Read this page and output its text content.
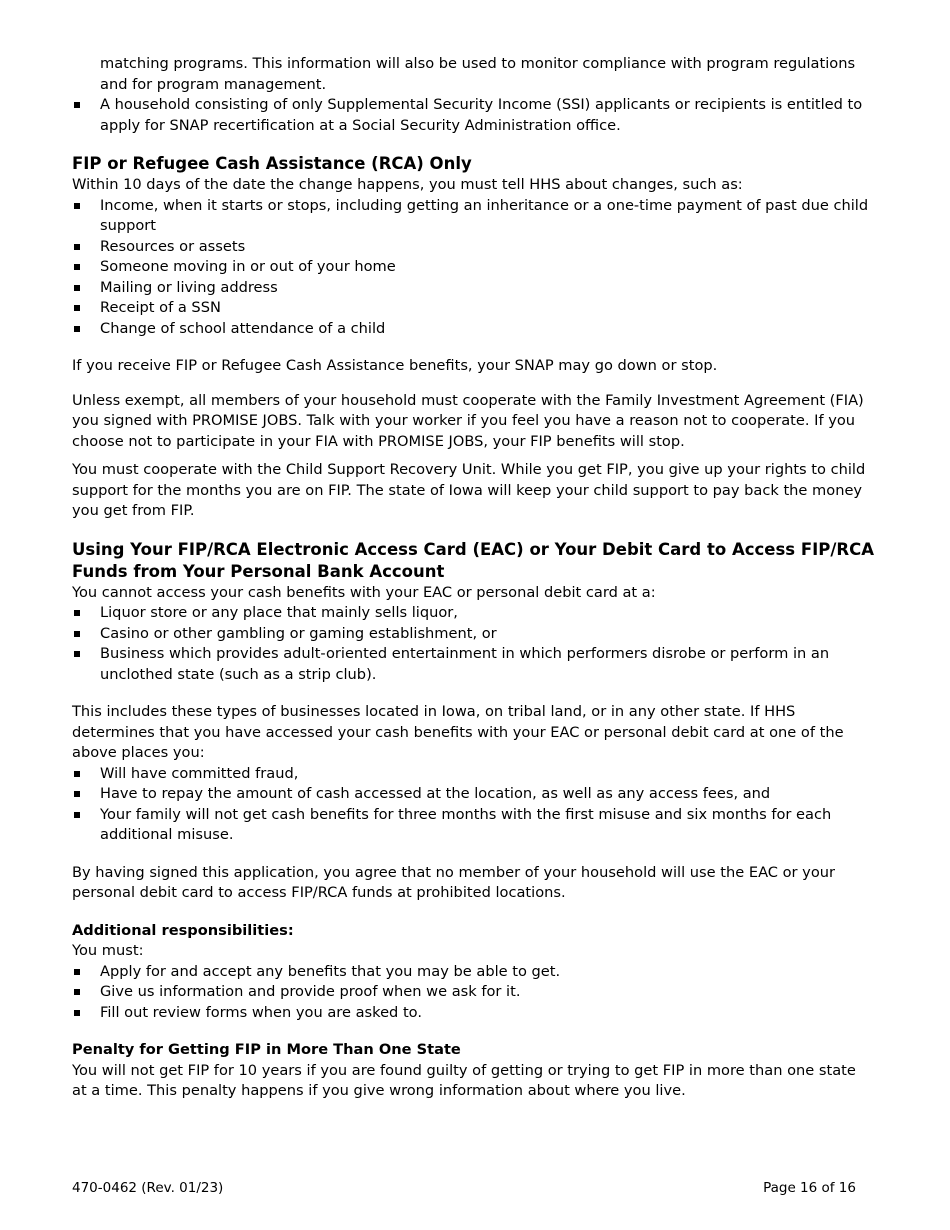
matching programs. This information will also be used to monitor compliance with program regulations and for program management.

A household consisting of only Supplemental Security Income (SSI) applicants or recipients is entitled to apply for SNAP recertification at a Social Security Administration office.
FIP or Refugee Cash Assistance (RCA) Only

Within 10 days of the date the change happens, you must tell HHS about changes, such as:

Income, when it starts or stops, including getting an inheritance or a one-time payment of past due child support
Resources or assets
Someone moving in or out of your home
Mailing or living address
Receipt of a SSN
Change of school attendance of a child

If you receive FIP or Refugee Cash Assistance benefits, your SNAP may go down or stop.

Unless exempt, all members of your household must cooperate with the Family Investment Agreement (FIA) you signed with PROMISE JOBS. Talk with your worker if you feel you have a reason not to cooperate. If you choose not to participate in your FIA with PROMISE JOBS, your FIP benefits will stop.

You must cooperate with the Child Support Recovery Unit. While you get FIP, you give up your rights to child support for the months you are on FIP. The state of Iowa will keep your child support to pay back the money you get from FIP.

Using Your FIP/RCA Electronic Access Card (EAC) or Your Debit Card to Access FIP/RCA Funds from Your Personal Bank Account

You cannot access your cash benefits with your EAC or personal debit card at a:

Liquor store or any place that mainly sells liquor,
Casino or other gambling or gaming establishment, or
Business which provides adult-oriented entertainment in which performers disrobe or perform in an unclothed state (such as a strip club).

This includes these types of businesses located in Iowa, on tribal land, or in any other state. If HHS determines that you have accessed your cash benefits with your EAC or personal debit card at one of the above places you:

Will have committed fraud,
Have to repay the amount of cash accessed at the location, as well as any access fees, and
Your family will not get cash benefits for three months with the first misuse and six months for each additional misuse.

By having signed this application, you agree that no member of your household will use the EAC or your personal debit card to access FIP/RCA funds at prohibited locations.

Additional responsibilities:

You must:

Apply for and accept any benefits that you may be able to get.
Give us information and provide proof when we ask for it.
Fill out review forms when you are asked to.
Penalty for Getting FIP in More Than One State

You will not get FIP for 10 years if you are found guilty of getting or trying to get FIP in more than one state at a time. This penalty happens if you give wrong information about where you live.

470-0462 (Rev. 01/23)	Page 16 of 16
